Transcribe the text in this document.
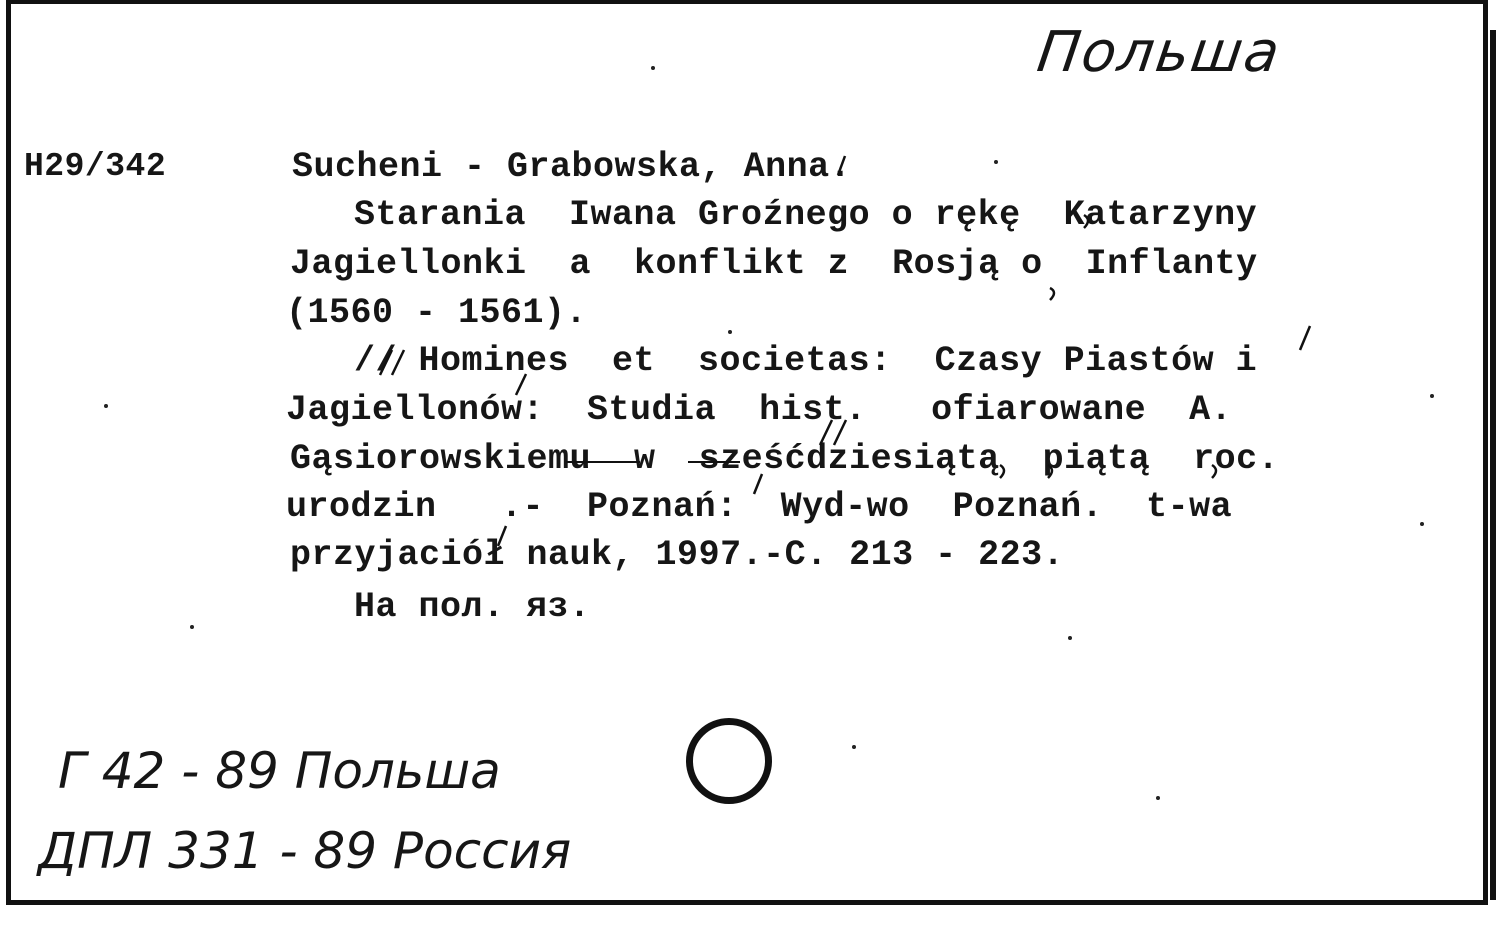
Польша
Н29/342	Sucheni - Grabowska, Anna.
Starania  Iwana Groźnego o rękę  Katarzyny
Jagiellonki  a  konflikt z  Rosją o  Inflanty
(1560 - 1561).
// Homines  et  societas:  Czasy Piastów i
Jagiellonów:  Studia  hist.   ofiarowane  A.
Gąsiorowskiemu  w  sześćdziesiątą  piątą  roc.
urodzin   .-  Poznań:  Wyd-wo  Poznań.  t-wa
przyjaciół nauk, 1997.-С. 213 - 223.
На пол. яз.
Г 42 - 89 Польша
ДПЛ 331 - 89 Россия
